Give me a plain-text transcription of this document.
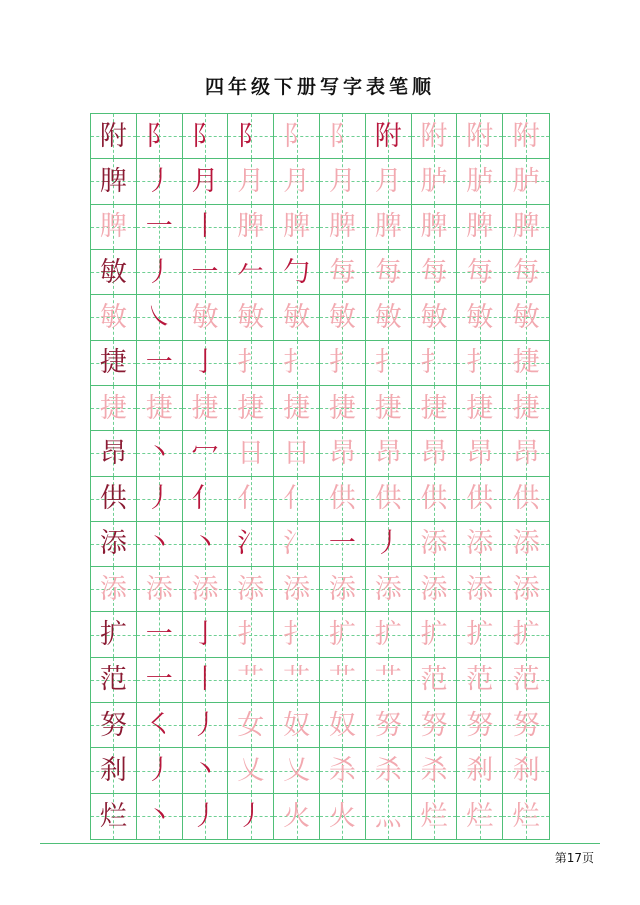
四年级下册写字表笔顺
附 阝 阝 阝 阝 阝 附 附 附 附
脾 丿 月 月 月 月 月 胪 胪 胪
脾 一 丨 脾 脾 脾 脾 脾 脾 脾
敏 丿 一 𠂉 勹 每 每 每 每 每
敏 ㇏ 敏 敏 敏 敏 敏 敏 敏 敏
捷 一 亅 扌 扌 扌 扌 扌 扌 捷
捷 捷 捷 捷 捷 捷 捷 捷 捷 捷
昂 丶 冖 日 日 昂 昂 昂 昂 昂
供 丿 亻 亻 亻 供 供 供 供 供
添 丶 丶 氵 氵 一 丿 添 添 添
添 添 添 添 添 添 添 添 添 添
扩 一 亅 扌 扌 扩 扩 扩 扩 扩
范 一 丨 艹 艹 艹 艹 范 范 范
努 ㇛ 丿 女 奴 奴 努 努 努 努
刹 丿 丶 乂 乂 杀 杀 杀 刹 刹
烂 丶 丿 丿 火 火 灬 烂 烂 烂
第17页
